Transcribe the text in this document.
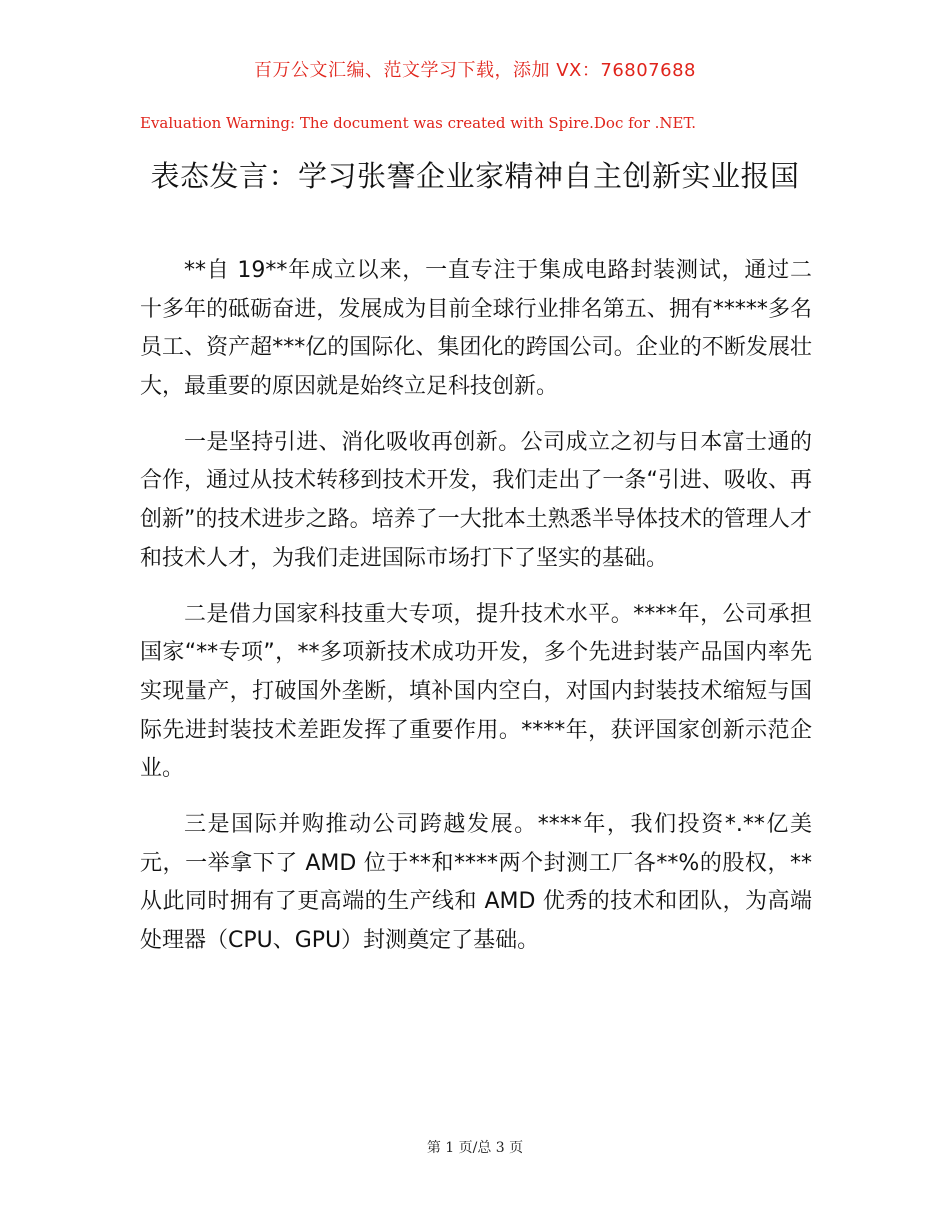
百万公文汇编、范文学习下载，添加 VX：76807688
Evaluation Warning: The document was created with Spire.Doc for .NET.
表态发言：学习张謇企业家精神自主创新实业报国

**自 19**年成立以来，一直专注于集成电路封装测试，通过二十多年的砥砺奋进，发展成为目前全球行业排名第五、拥有*****多名员工、资产超***亿的国际化、集团化的跨国公司。企业的不断发展壮大，最重要的原因就是始终立足科技创新。

一是坚持引进、消化吸收再创新。公司成立之初与日本富士通的合作，通过从技术转移到技术开发，我们走出了一条“引进、吸收、再创新”的技术进步之路。培养了一大批本土熟悉半导体技术的管理人才和技术人才，为我们走进国际市场打下了坚实的基础。

二是借力国家科技重大专项，提升技术水平。****年，公司承担国家“**专项”，**多项新技术成功开发，多个先进封装产品国内率先实现量产，打破国外垄断，填补国内空白，对国内封装技术缩短与国际先进封装技术差距发挥了重要作用。****年，获评国家创新示范企业。

三是国际并购推动公司跨越发展。****年，我们投资*.**亿美元，一举拿下了 AMD 位于**和****两个封测工厂各**%的股权，**从此同时拥有了更高端的生产线和 AMD 优秀的技术和团队，为高端处理器（CPU、GPU）封测奠定了基础。

第 1 页/总 3 页
